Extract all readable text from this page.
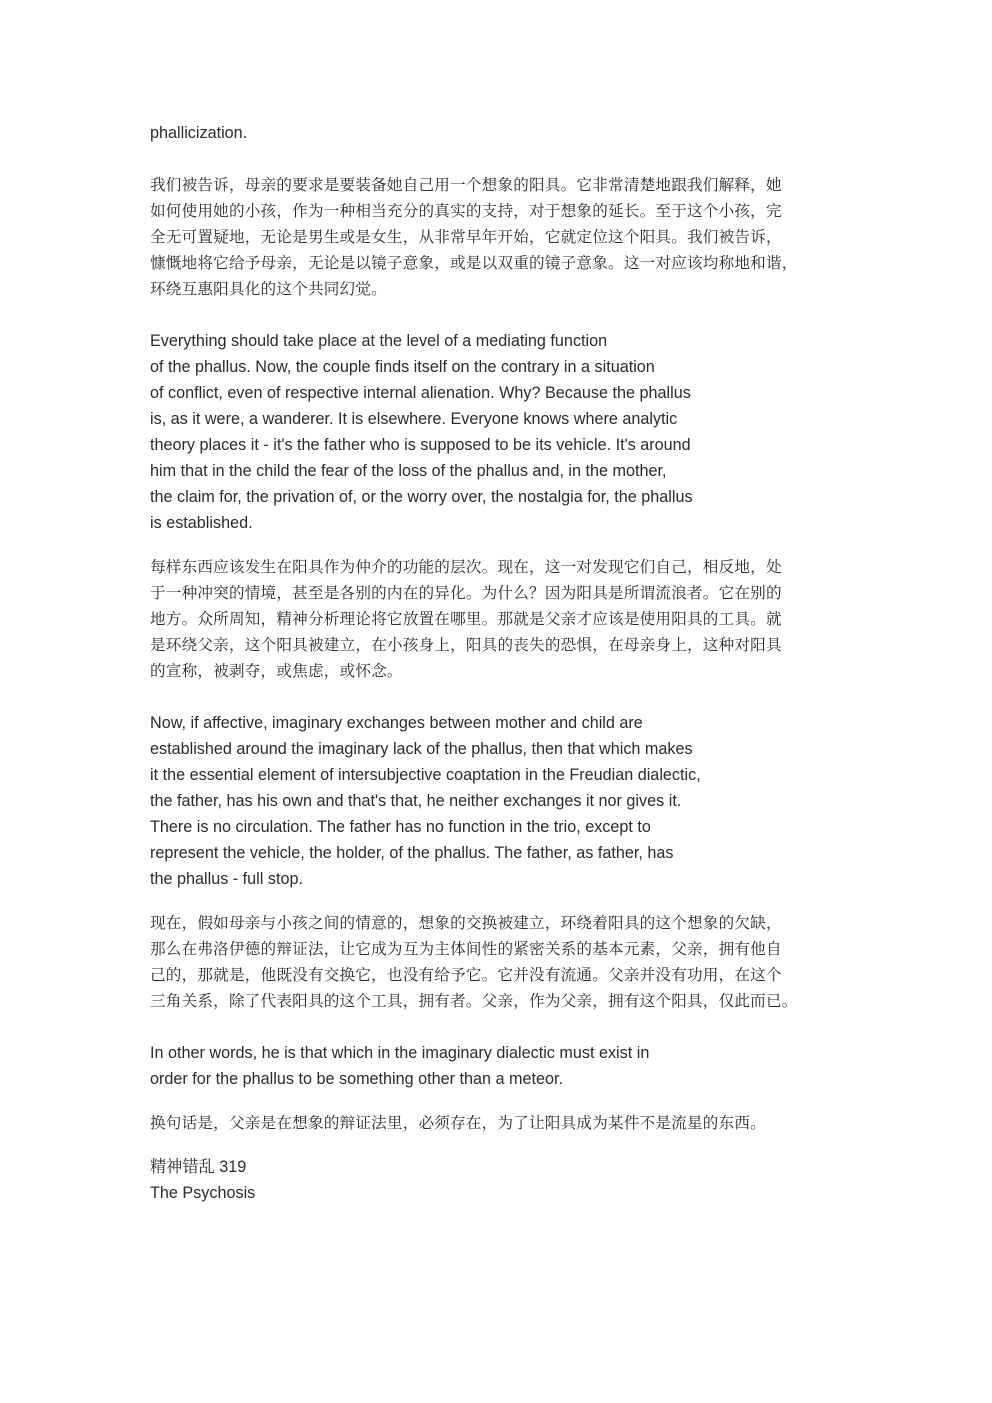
phallicization.

我们被告诉，母亲的要求是要装备她自己用一个想象的阳具。它非常清楚地跟我们解释，她
如何使用她的小孩，作为一种相当充分的真实的支持，对于想象的延长。至于这个小孩，完
全无可置疑地，无论是男生或是女生，从非常早年开始，它就定位这个阳具。我们被告诉，
慷慨地将它给予母亲，无论是以镜子意象，或是以双重的镜子意象。这一对应该均称地和谐，
环绕互惠阳具化的这个共同幻觉。

Everything should take place at the level of a mediating function
of the phallus. Now, the couple finds itself on the contrary in a situation
of conflict, even of respective internal alienation. Why? Because the phallus
is, as it were, a wanderer. It is elsewhere. Everyone knows where analytic
theory places it - it's the father who is supposed to be its vehicle. It's around
him that in the child the fear of the loss of the phallus and, in the mother,
the claim for, the privation of, or the worry over, the nostalgia for, the phallus
is established.

每样东西应该发生在阳具作为仲介的功能的层次。现在，这一对发现它们自己，相反地，处
于一种冲突的情境，甚至是各别的内在的异化。为什么？因为阳具是所谓流浪者。它在别的
地方。众所周知，精神分析理论将它放置在哪里。那就是父亲才应该是使用阳具的工具。就
是环绕父亲，这个阳具被建立，在小孩身上，阳具的丧失的恐惧，在母亲身上，这种对阳具
的宣称，被剥夺，或焦虑，或怀念。

Now, if affective, imaginary exchanges between mother and child are
established around the imaginary lack of the phallus, then that which makes
it the essential element of intersubjective coaptation in the Freudian dialectic,
the father, has his own and that's that, he neither exchanges it nor gives it.
There is no circulation. The father has no function in the trio, except to
represent the vehicle, the holder, of the phallus. The father, as father, has
the phallus - full stop.

现在，假如母亲与小孩之间的情意的，想象的交换被建立，环绕着阳具的这个想象的欠缺，
那么在弗洛伊德的辩证法，让它成为互为主体间性的紧密关系的基本元素，父亲，拥有他自
己的，那就是，他既没有交换它，也没有给予它。它并没有流通。父亲并没有功用，在这个
三角关系，除了代表阳具的这个工具，拥有者。父亲，作为父亲，拥有这个阳具，仅此而已。

In other words, he is that which in the imaginary dialectic must exist in
order for the phallus to be something other than a meteor.

换句话是，父亲是在想象的辩证法里，必须存在，为了让阳具成为某件不是流星的东西。

精神错乱 319
The Psychosis
